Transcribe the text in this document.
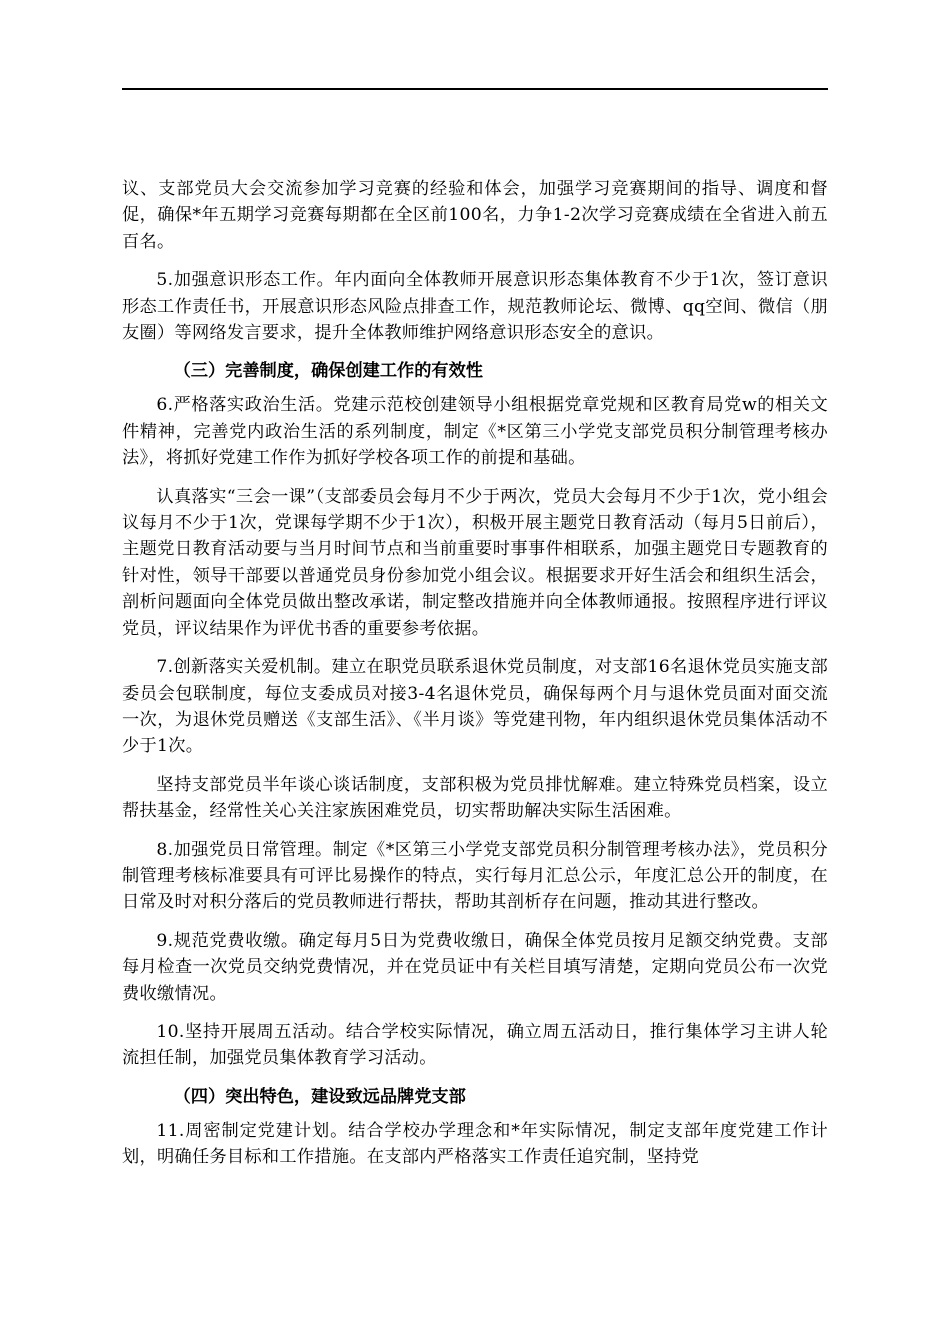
议、支部党员大会交流参加学习竞赛的经验和体会，加强学习竞赛期间的指导、调度和督促，确保*年五期学习竞赛每期都在全区前100名，力争1-2次学习竞赛成绩在全省进入前五百名。

5.加强意识形态工作。年内面向全体教师开展意识形态集体教育不少于1次，签订意识形态工作责任书，开展意识形态风险点排查工作，规范教师论坛、微博、qq空间、微信（朋友圈）等网络发言要求，提升全体教师维护网络意识形态安全的意识。

（三）完善制度，确保创建工作的有效性

6.严格落实政治生活。党建示范校创建领导小组根据党章党规和区教育局党w的相关文件精神，完善党内政治生活的系列制度，制定《*区第三小学党支部党员积分制管理考核办法》，将抓好党建工作作为抓好学校各项工作的前提和基础。

认真落实“三会一课”（支部委员会每月不少于两次，党员大会每月不少于1次，党小组会议每月不少于1次，党课每学期不少于1次），积极开展主题党日教育活动（每月5日前后），主题党日教育活动要与当月时间节点和当前重要时事事件相联系，加强主题党日专题教育的针对性，领导干部要以普通党员身份参加党小组会议。根据要求开好生活会和组织生活会，剖析问题面向全体党员做出整改承诺，制定整改措施并向全体教师通报。按照程序进行评议党员，评议结果作为评优书香的重要参考依据。

7.创新落实关爱机制。建立在职党员联系退休党员制度，对支部16名退休党员实施支部委员会包联制度，每位支委成员对接3-4名退休党员，确保每两个月与退休党员面对面交流一次，为退休党员赠送《支部生活》、《半月谈》等党建刊物，年内组织退休党员集体活动不少于1次。

坚持支部党员半年谈心谈话制度，支部积极为党员排忧解难。建立特殊党员档案，设立帮扶基金，经常性关心关注家族困难党员，切实帮助解决实际生活困难。

8.加强党员日常管理。制定《*区第三小学党支部党员积分制管理考核办法》，党员积分制管理考核标准要具有可评比易操作的特点，实行每月汇总公示，年度汇总公开的制度，在日常及时对积分落后的党员教师进行帮扶，帮助其剖析存在问题，推动其进行整改。

9.规范党费收缴。确定每月5日为党费收缴日，确保全体党员按月足额交纳党费。支部每月检查一次党员交纳党费情况，并在党员证中有关栏目填写清楚，定期向党员公布一次党费收缴情况。

10.坚持开展周五活动。结合学校实际情况，确立周五活动日，推行集体学习主讲人轮流担任制，加强党员集体教育学习活动。

（四）突出特色，建设致远品牌党支部

11.周密制定党建计划。结合学校办学理念和*年实际情况，制定支部年度党建工作计划，明确任务目标和工作措施。在支部内严格落实工作责任追究制，坚持党
